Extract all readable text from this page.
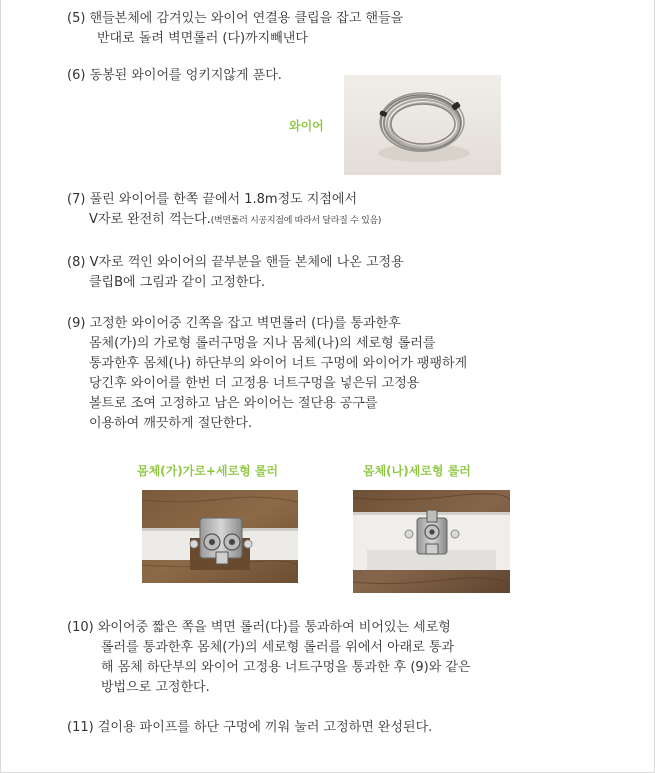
(5) 핸들본체에 감겨있는 와이어 연결용 클립을 잡고 핸들을
반대로 돌려 벽면롤러 (다)까지빼낸다
(6) 동봉된 와이어를 엉키지않게 푼다.
와이어
(7) 풀린 와이어를 한쪽 끝에서 1.8m정도 지점에서
V자로 완전히 꺽는다.(벽면롤러 시공지점에 따라서 달라질 수 있음)
(8) V자로 꺽인 와이어의 끝부분을 핸들 본체에 나온 고정용
클립B에 그림과 같이 고정한다.
(9) 고정한 와이어중 긴쪽을 잡고 벽면롤러 (다)를 통과한후
몸체(가)의 가로형 롤러구멍을 지나 몸체(나)의 세로형 롤러를
통과한후 몸체(나) 하단부의 와이어 너트 구멍에 와이어가 팽팽하게
당긴후 와이어를 한번 더 고정용 너트구멍을 넣은뒤 고정용
볼트로 조여 고정하고 남은 와이어는 절단용 공구를
이용하여 깨끗하게 절단한다.
몸체(가)가로+세로형 롤러	몸체(나)세로형 롤러
(10) 와이어중 짧은 쪽을 벽면 롤러(다)를 통과하여 비어있는 세로형
롤러를 통과한후 몸체(가)의 세로형 롤러를 위에서 아래로 통과
해 몸체 하단부의 와이어 고정용 너트구멍을 통과한 후 (9)와 같은
방법으로 고정한다.
(11) 걸이용 파이프를 하단 구멍에 끼워 눌러 고정하면 완성된다.
